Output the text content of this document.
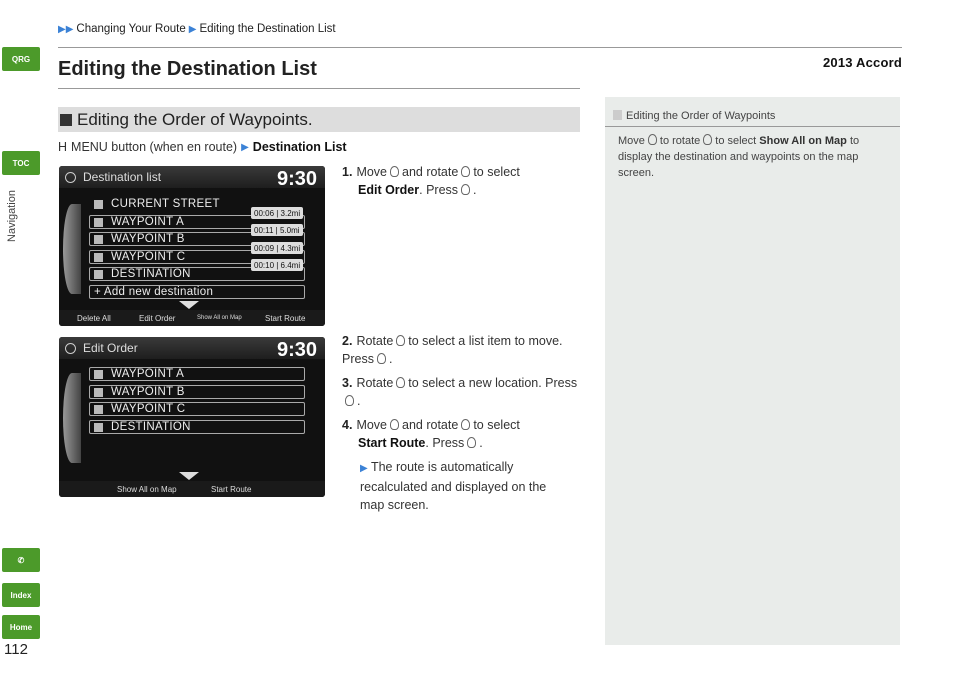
QRG
TOC
Navigation
✆
Index
Home
112
▶▶ Changing Your Route ▶ Editing the Destination List
2013 Accord
Editing the Destination List
Editing the Order of Waypoints.
H MENU button (when en route) ▶ Destination List
Destination list	9:30
CURRENT STREET
WAYPOINT A
WAYPOINT B
WAYPOINT C
DESTINATION
+ Add new destination
00:06 | 3.2mi
00:11 | 5.0mi
00:09 | 4.3mi
00:10 | 6.4mi
Delete All	Edit Order	Show All on Map	Start Route
Edit Order	9:30
WAYPOINT A
WAYPOINT B
WAYPOINT C
DESTINATION
Show All on Map	Start Route
1. Move and rotate to select
Edit Order. Press .
2. Rotate to select a list item to move. Press .
3. Rotate to select a new location. Press.
4. Move and rotate to select
Start Route. Press .
▶ The route is automatically recalculated and displayed on the map screen.
Editing the Order of Waypoints
Move to rotate to select Show All on Map to display the destination and waypoints on the map screen.
